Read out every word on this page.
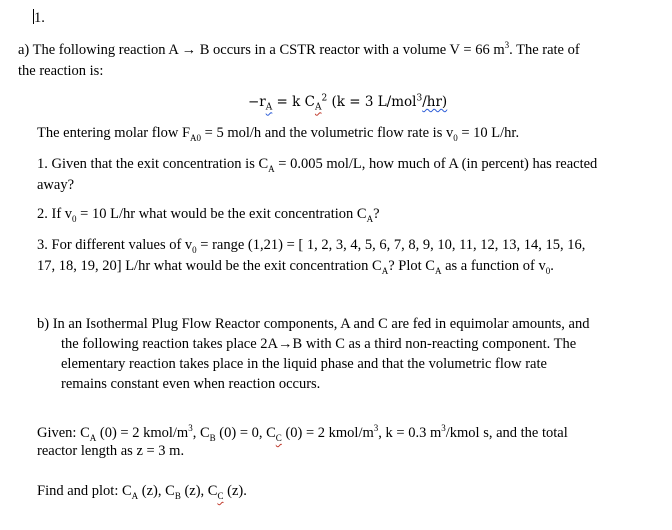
1.
a) The following reaction A → B occurs in a CSTR reactor with a volume V = 66 $m^3$. The rate of
the reaction is:
$-r_A = k$ $C_A^2$ (k = 3 L/mol$^3$/hr)
The entering molar flow $F_{A0} = 5$ mol/h and the volumetric flow rate is $v_0 = 10$ L/hr.
1. Given that the exit concentration is $C_A = 0.005$ mol/L, how much of A (in percent) has reacted
away?
2. If $v_0 = 10$ L/hr what would be the exit concentration $C_A$?
3. For different values of $v_0$ = range (1,21) = [ 1, 2, 3, 4, 5, 6, 7, 8, 9, 10, 11, 12, 13, 14, 15, 16,
17, 18, 19, 20] L/hr what would be the exit concentration $C_A$? Plot $C_A$ as a function of $v_0$.
b) In an Isothermal Plug Flow Reactor components, A and C are fed in equimolar amounts, and
the following reaction takes place 2A→B with C as a third non-reacting component. The
elementary reaction takes place in the liquid phase and that the volumetric flow rate
remains constant even when reaction occurs.
Given: $C_A$ (0) = 2 kmol/$m^3$, $C_B$ (0) = 0, $C_C$ (0) = 2 kmol/$m^3$, k = 0.3 $m^3$/kmol s, and the total
reactor length as z = 3 m.
Find and plot: $C_A$ (z), $C_B$ (z), $C_C$ (z).
